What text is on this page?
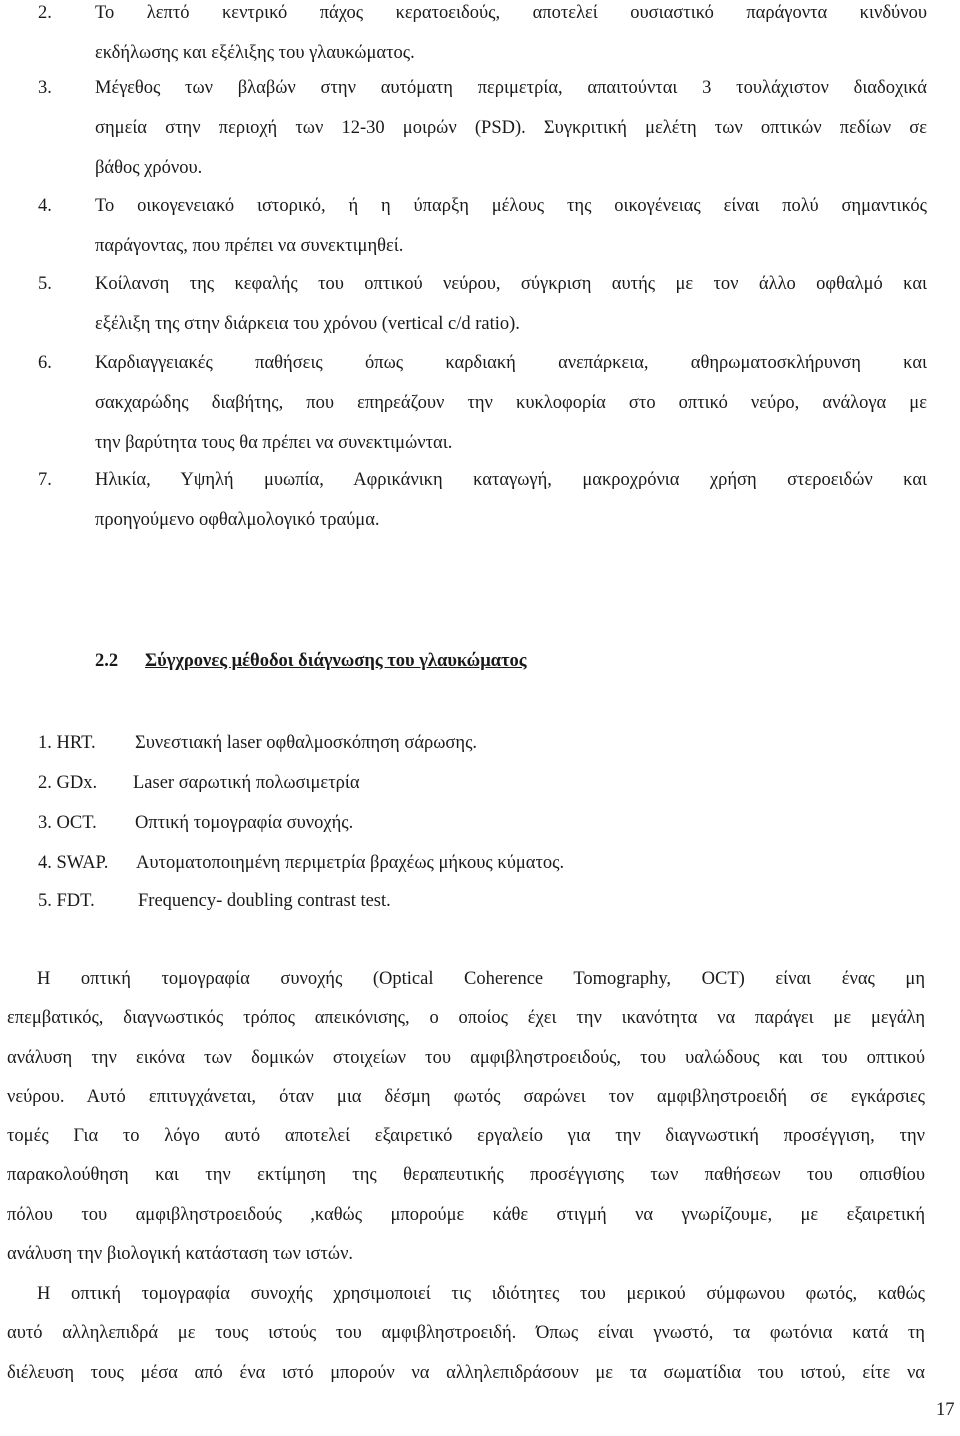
2. Το λεπτό κεντρικό πάχος κερατοειδούς, αποτελεί ουσιαστικό παράγοντα κινδύνου
εκδήλωσης και εξέλιξης του γλαυκώματος.
3. Μέγεθος των βλαβών στην αυτόματη περιμετρία, απαιτούνται 3 τουλάχιστον διαδοχικά
σημεία στην περιοχή των 12-30 μοιρών (PSD). Συγκριτική μελέτη των οπτικών πεδίων σε
βάθος χρόνου.
4. Το οικογενειακό ιστορικό, ή η ύπαρξη μέλους της οικογένειας είναι πολύ σημαντικός
παράγοντας, που πρέπει να συνεκτιμηθεί.
5. Κοίλανση της κεφαλής του οπτικού νεύρου, σύγκριση αυτής με τον άλλο οφθαλμό και
εξέλιξη της στην διάρκεια του χρόνου (vertical c/d ratio).
6. Καρδιαγγειακές παθήσεις όπως καρδιακή ανεπάρκεια, αθηρωματοσκλήρυνση και
σακχαρώδης διαβήτης, που επηρεάζουν την κυκλοφορία στο οπτικό νεύρο, ανάλογα με
την βαρύτητα τους θα πρέπει να συνεκτιμώνται.
7. Ηλικία, Υψηλή μυωπία, Αφρικάνικη καταγωγή, μακροχρόνια χρήση στεροειδών και
προηγούμενο οφθαλμολογικό τραύμα.
2.2 Σύγχρονες μέθοδοι διάγνωσης του γλαυκώματος
1. HRT. Συνεστιακή laser οφθαλμοσκόπηση σάρωσης.
2. GDx. Laser σαρωτική πολωσιμετρία
3. OCT. Οπτική τομογραφία συνοχής.
4. SWAP. Αυτοματοποιημένη περιμετρία βραχέως μήκους κύματος.
5. FDT. Frequency- doubling contrast test.
Η οπτική τομογραφία συνοχής (Optical Coherence Tomography, OCT) είναι ένας μη
επεμβατικός, διαγνωστικός τρόπος απεικόνισης, ο οποίος έχει την ικανότητα να παράγει με μεγάλη
ανάλυση την εικόνα των δομικών στοιχείων του αμφιβληστροειδούς, του υαλώδους και του οπτικού
νεύρου. Αυτό επιτυγχάνεται, όταν μια δέσμη φωτός σαρώνει τον αμφιβληστροειδή σε εγκάρσιες
τομές Για το λόγο αυτό αποτελεί εξαιρετικό εργαλείο για την διαγνωστική προσέγγιση, την
παρακολούθηση και την εκτίμηση της θεραπευτικής προσέγγισης των παθήσεων του οπισθίου
πόλου του αμφιβληστροειδούς ,καθώς μπορούμε κάθε στιγμή να γνωρίζουμε, με εξαιρετική
ανάλυση την βιολογική κατάσταση των ιστών.
Η οπτική τομογραφία συνοχής χρησιμοποιεί τις ιδιότητες του μερικού σύμφωνου φωτός, καθώς
αυτό αλληλεπιδρά με τους ιστούς του αμφιβληστροειδή. Όπως είναι γνωστό, τα φωτόνια κατά τη
διέλευση τους μέσα από ένα ιστό μπορούν να αλληλεπιδράσουν με τα σωματίδια του ιστού, είτε να
17
